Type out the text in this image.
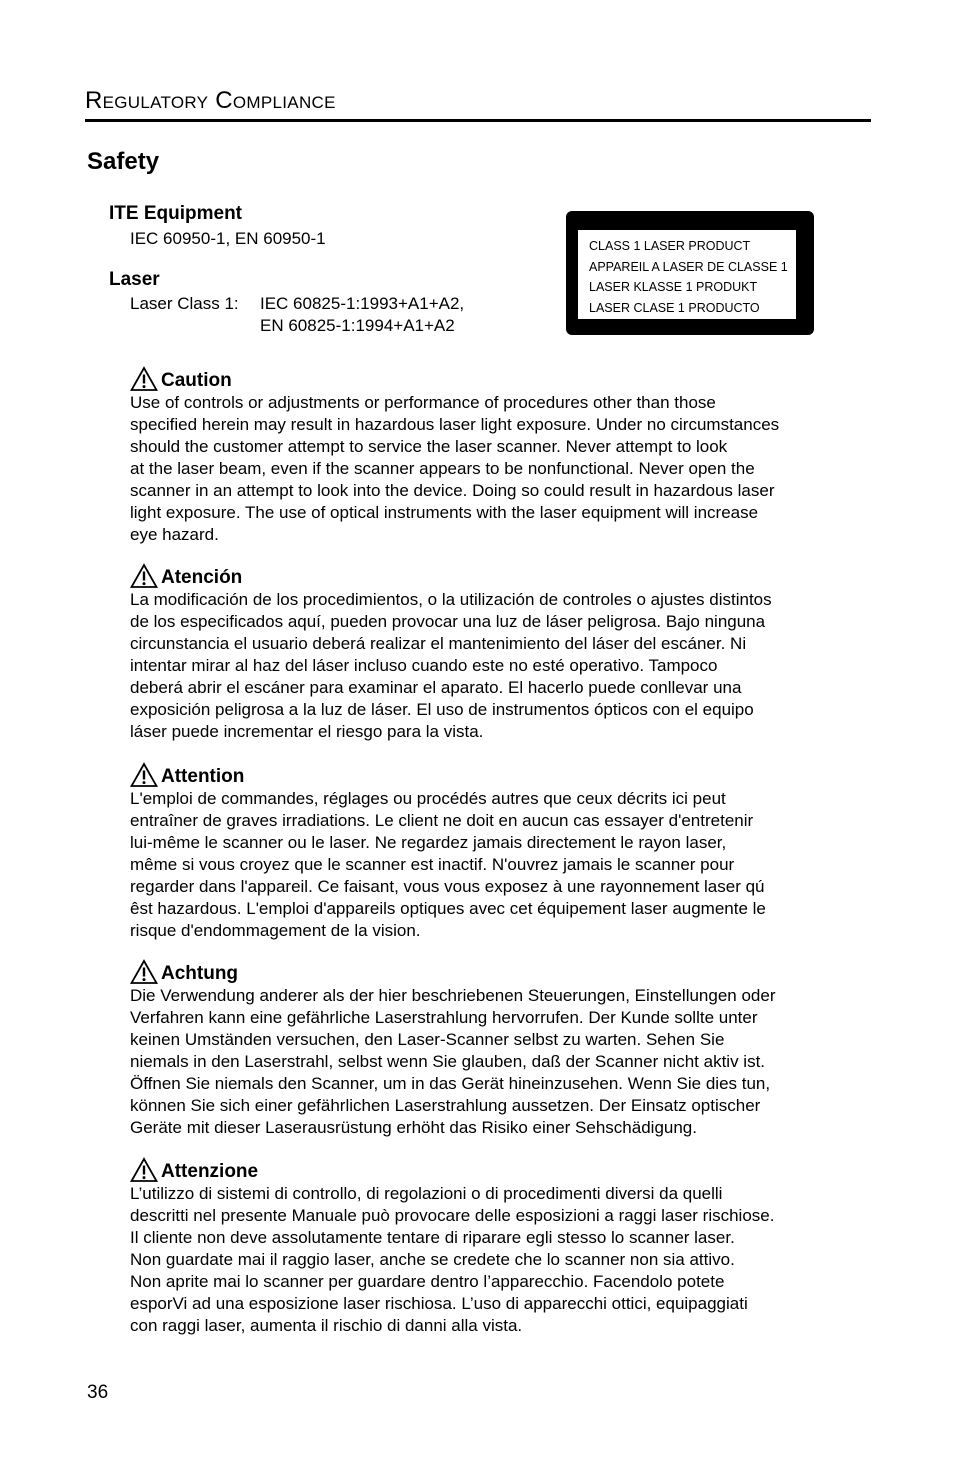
Regulatory Compliance
Safety
ITE Equipment
IEC 60950-1, EN 60950-1
Laser
Laser Class 1: IEC 60825-1:1993+A1+A2,
EN 60825-1:1994+A1+A2
CLASS 1 LASER PRODUCT
APPAREIL A LASER DE CLASSE 1
LASER KLASSE 1 PRODUKT
LASER CLASE 1 PRODUCTO
Caution
Use of controls or adjustments or performance of procedures other than those
specified herein may result in hazardous laser light exposure. Under no circumstances
should the customer attempt to service the laser scanner. Never attempt to look
at the laser beam, even if the scanner appears to be nonfunctional. Never open the
scanner in an attempt to look into the device. Doing so could result in hazardous laser
light exposure. The use of optical instruments with the laser equipment will increase
eye hazard.
Atención
La modificación de los procedimientos, o la utilización de controles o ajustes distintos
de los especificados aquí, pueden provocar una luz de láser peligrosa. Bajo ninguna
circunstancia el usuario deberá realizar el mantenimiento del láser del escáner. Ni
intentar mirar al haz del láser incluso cuando este no esté operativo. Tampoco
deberá abrir el escáner para examinar el aparato. El hacerlo puede conllevar una
exposición peligrosa a la luz de láser. El uso de instrumentos ópticos con el equipo
láser puede incrementar el riesgo para la vista.
Attention
L'emploi de commandes, réglages ou procédés autres que ceux décrits ici peut
entraîner de graves irradiations. Le client ne doit en aucun cas essayer d'entretenir
lui-même le scanner ou le laser. Ne regardez jamais directement le rayon laser,
même si vous croyez que le scanner est inactif. N'ouvrez jamais le scanner pour
regarder dans l'appareil. Ce faisant, vous vous exposez à une rayonnement laser qú
êst hazardous. L'emploi d'appareils optiques avec cet équipement laser augmente le
risque d'endommagement de la vision.
Achtung
Die Verwendung anderer als der hier beschriebenen Steuerungen, Einstellungen oder
Verfahren kann eine gefährliche Laserstrahlung hervorrufen. Der Kunde sollte unter
keinen Umständen versuchen, den Laser-Scanner selbst zu warten. Sehen Sie
niemals in den Laserstrahl, selbst wenn Sie glauben, daß der Scanner nicht aktiv ist.
Öffnen Sie niemals den Scanner, um in das Gerät hineinzusehen. Wenn Sie dies tun,
können Sie sich einer gefährlichen Laserstrahlung aussetzen. Der Einsatz optischer
Geräte mit dieser Laserausrüstung erhöht das Risiko einer Sehschädigung.
Attenzione
L’utilizzo di sistemi di controllo, di regolazioni o di procedimenti diversi da quelli
descritti nel presente Manuale può provocare delle esposizioni a raggi laser rischiose.
Il cliente non deve assolutamente tentare di riparare egli stesso lo scanner laser.
Non guardate mai il raggio laser, anche se credete che lo scanner non sia attivo.
Non aprite mai lo scanner per guardare dentro l’apparecchio. Facendolo potete
esporVi ad una esposizione laser rischiosa. L’uso di apparecchi ottici, equipaggiati
con raggi laser, aumenta il rischio di danni alla vista.
36
